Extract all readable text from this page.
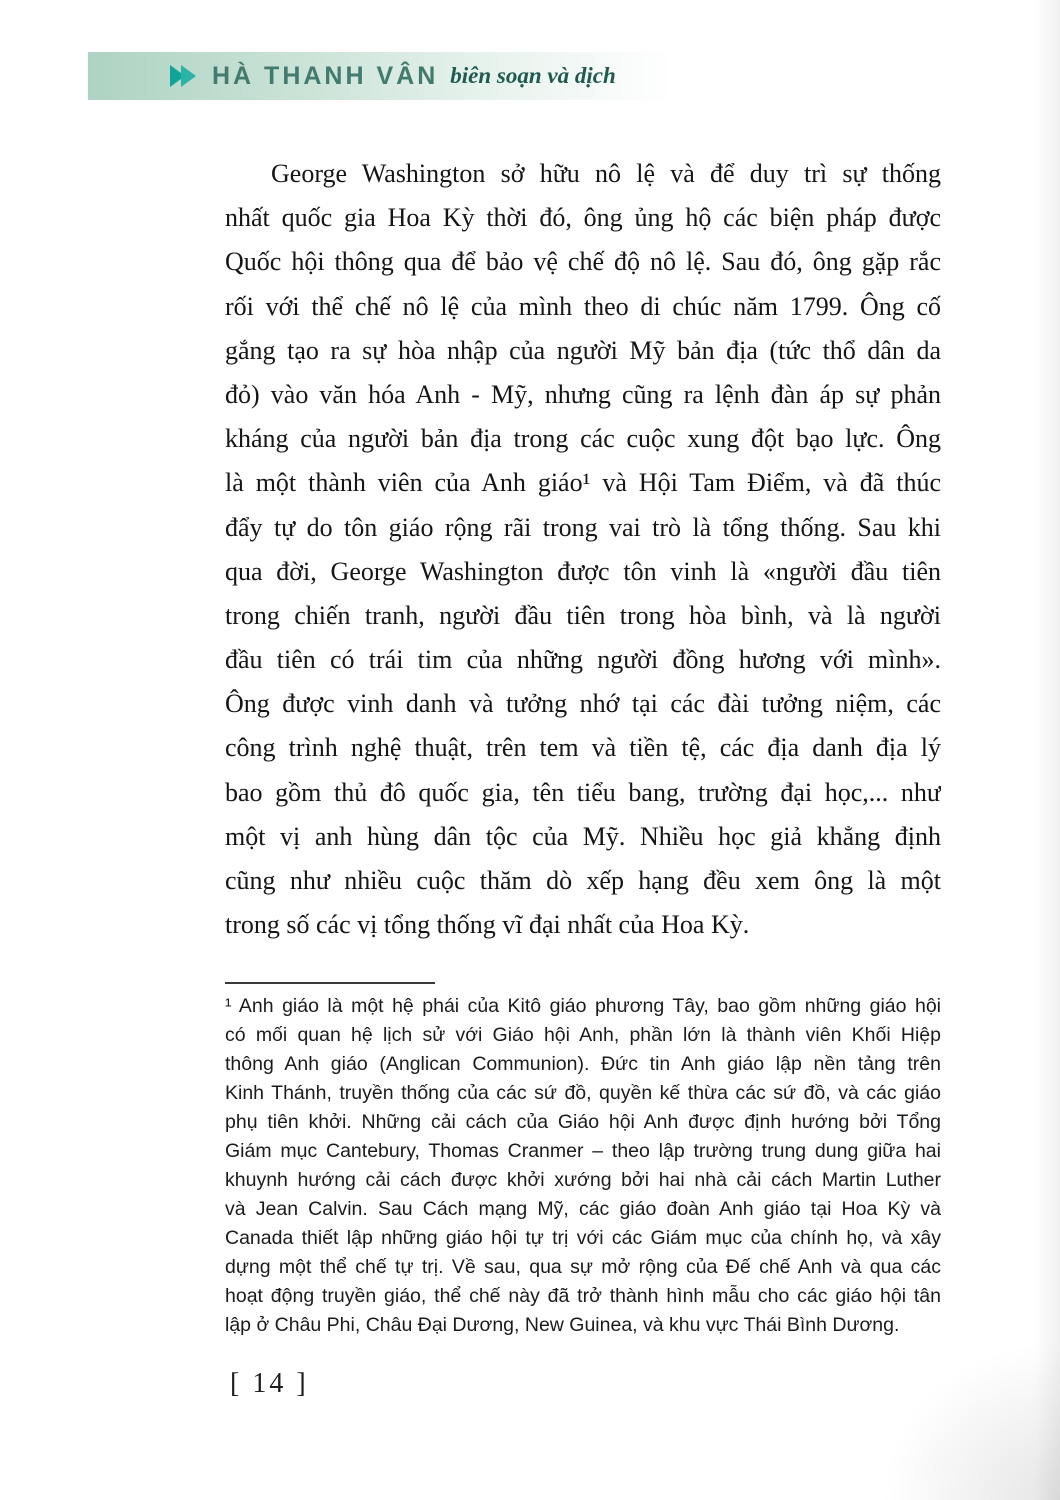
HÀ THANH VÂN biên soạn và dịch
George Washington sở hữu nô lệ và để duy trì sự thống
nhất quốc gia Hoa Kỳ thời đó, ông ủng hộ các biện pháp được
Quốc hội thông qua để bảo vệ chế độ nô lệ. Sau đó, ông gặp rắc
rối với thể chế nô lệ của mình theo di chúc năm 1799. Ông cố
gắng tạo ra sự hòa nhập của người Mỹ bản địa (tức thổ dân da
đỏ) vào văn hóa Anh - Mỹ, nhưng cũng ra lệnh đàn áp sự phản
kháng của người bản địa trong các cuộc xung đột bạo lực. Ông
là một thành viên của Anh giáo¹ và Hội Tam Điểm, và đã thúc
đẩy tự do tôn giáo rộng rãi trong vai trò là tổng thống. Sau khi
qua đời, George Washington được tôn vinh là «người đầu tiên
trong chiến tranh, người đầu tiên trong hòa bình, và là người
đầu tiên có trái tim của những người đồng hương với mình».
Ông được vinh danh và tưởng nhớ tại các đài tưởng niệm, các
công trình nghệ thuật, trên tem và tiền tệ, các địa danh địa lý
bao gồm thủ đô quốc gia, tên tiểu bang, trường đại học,... như
một vị anh hùng dân tộc của Mỹ. Nhiều học giả khẳng định
cũng như nhiều cuộc thăm dò xếp hạng đều xem ông là một
trong số các vị tổng thống vĩ đại nhất của Hoa Kỳ.
¹ Anh giáo là một hệ phái của Kitô giáo phương Tây, bao gồm những giáo hội
có mối quan hệ lịch sử với Giáo hội Anh, phần lớn là thành viên Khối Hiệp
thông Anh giáo (Anglican Communion). Đức tin Anh giáo lập nền tảng trên
Kinh Thánh, truyền thống của các sứ đồ, quyền kế thừa các sứ đồ, và các giáo
phụ tiên khởi. Những cải cách của Giáo hội Anh được định hướng bởi Tổng
Giám mục Cantebury, Thomas Cranmer – theo lập trường trung dung giữa hai
khuynh hướng cải cách được khởi xướng bởi hai nhà cải cách Martin Luther
và Jean Calvin. Sau Cách mạng Mỹ, các giáo đoàn Anh giáo tại Hoa Kỳ và
Canada thiết lập những giáo hội tự trị với các Giám mục của chính họ, và xây
dựng một thể chế tự trị. Về sau, qua sự mở rộng của Đế chế Anh và qua các
hoạt động truyền giáo, thể chế này đã trở thành hình mẫu cho các giáo hội tân
lập ở Châu Phi, Châu Đại Dương, New Guinea, và khu vực Thái Bình Dương.
[ 14 ]
